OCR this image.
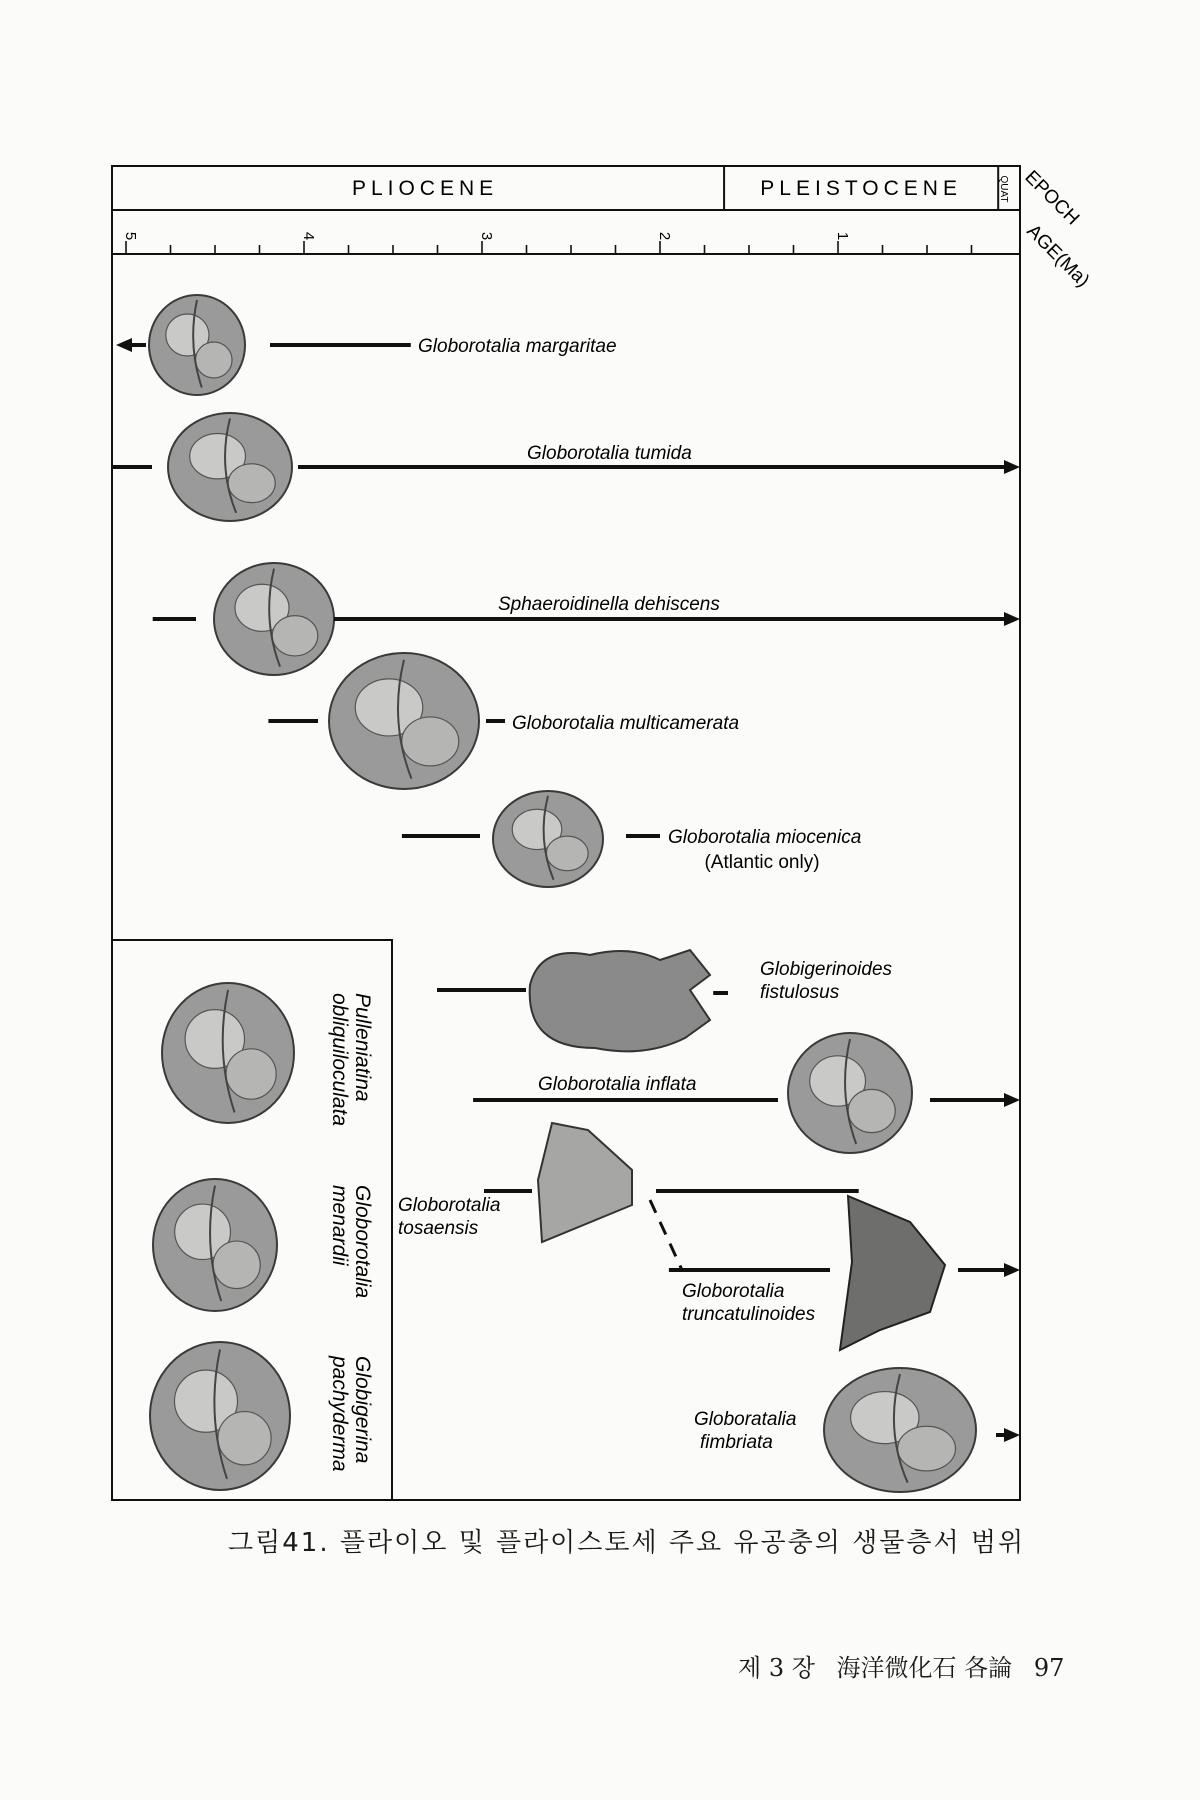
PLIOCENE	PLEISTOCENE	QUAT EPOCH
AGE(Ma)
5	4	3	2	1
Globorotalia margaritae
Globorotalia tumida
Sphaeroidinella dehiscens
Globorotalia multicamerata
Globorotalia miocenica
(Atlantic only)
Globigerinoides
fistulosus
Globorotalia inflata
Globorotalia
tosaensis
Globorotalia
truncatulinoides
Globoratalia
fimbriata
Pulleniatina
obliquiloculata
Globorotalia
menardii
Globigerina
pachyderma
그림41. 플라이오 및 플라이스토세 주요 유공충의 생물층서 범위
제 3 장 海洋微化石 各論 97
